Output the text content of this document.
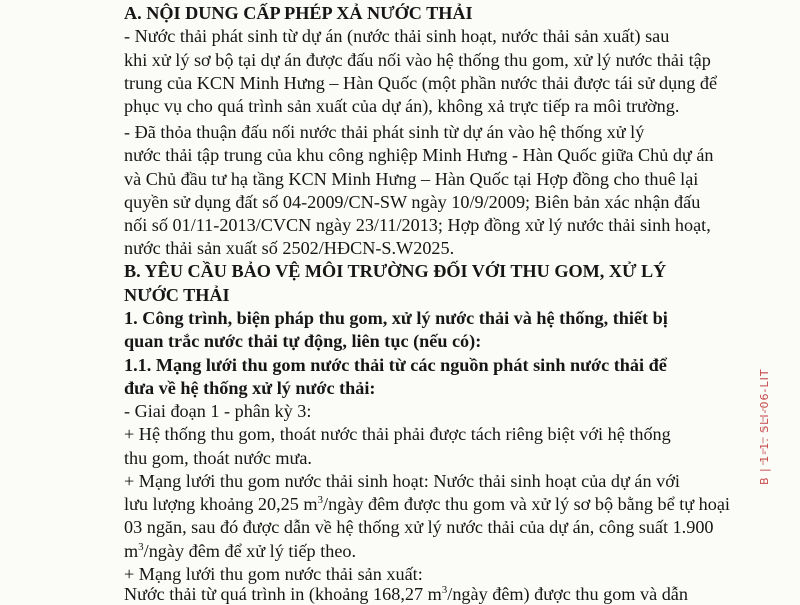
A. NỘI DUNG CẤP PHÉP XẢ NƯỚC THẢI
- Nước thải phát sinh từ dự án (nước thải sinh hoạt, nước thải sản xuất) sau
khi xử lý sơ bộ tại dự án được đấu nối vào hệ thống thu gom, xử lý nước thải tập
trung của KCN Minh Hưng – Hàn Quốc (một phần nước thải được tái sử dụng để
phục vụ cho quá trình sản xuất của dự án), không xả trực tiếp ra môi trường.
- Đã thỏa thuận đấu nối nước thải phát sinh từ dự án vào hệ thống xử lý
nước thải tập trung của khu công nghiệp Minh Hưng - Hàn Quốc giữa Chủ dự án
và Chủ đầu tư hạ tầng KCN Minh Hưng – Hàn Quốc tại Hợp đồng cho thuê lại
quyền sử dụng đất số 04-2009/CN-SW ngày 10/9/2009; Biên bản xác nhận đấu
nối số 01/11-2013/CVCN ngày 23/11/2013; Hợp đồng xử lý nước thải sinh hoạt,
nước thải sản xuất số 2502/HĐCN-S.W2025.
B. YÊU CẦU BẢO VỆ MÔI TRƯỜNG ĐỐI VỚI THU GOM, XỬ LÝ
NƯỚC THẢI
1. Công trình, biện pháp thu gom, xử lý nước thải và hệ thống, thiết bị
quan trắc nước thải tự động, liên tục (nếu có):
1.1. Mạng lưới thu gom nước thải từ các nguồn phát sinh nước thải để
đưa về hệ thống xử lý nước thải:
- Giai đoạn 1 - phân kỳ 3:
+ Hệ thống thu gom, thoát nước thải phải được tách riêng biệt với hệ thống
thu gom, thoát nước mưa.
+ Mạng lưới thu gom nước thải sinh hoạt: Nước thải sinh hoạt của dự án với
lưu lượng khoảng 20,25 $m^3$/ngày đêm được thu gom và xử lý sơ bộ bằng bể tự hoại
03 ngăn, sau đó được dẫn về hệ thống xử lý nước thải của dự án, công suất 1.900
$m^3$/ngày đêm để xử lý tiếp theo.
+ Mạng lưới thu gom nước thải sản xuất:
Nước thải từ quá trình in (khoảng 168,27 $m^3$/ngày đêm) được thu gom và dẫn
B | 1-1. SLI-06-LIT
